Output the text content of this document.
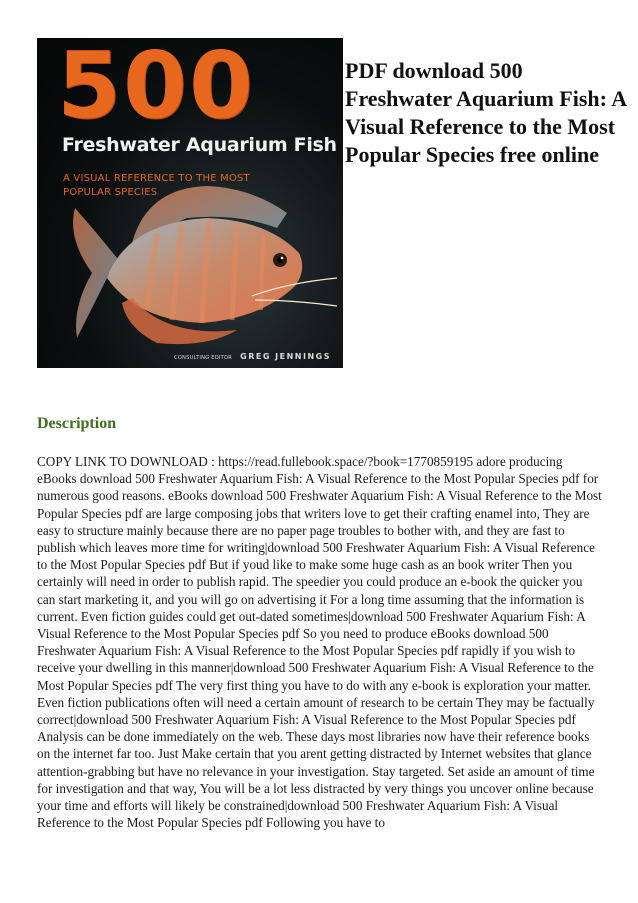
500
Freshwater Aquarium Fish
A VISUAL REFERENCE TO THE MOST POPULAR SPECIES
CONSULTING EDITOR GREG JENNINGS
PDF download 500 Freshwater Aquarium Fish: A Visual Reference to the Most Popular Species free online
Description

COPY LINK TO DOWNLOAD : https://read.fullebook.space/?book=1770859195 adore producing eBooks download 500 Freshwater Aquarium Fish: A Visual Reference to the Most Popular Species pdf for numerous good reasons. eBooks download 500 Freshwater Aquarium Fish: A Visual Reference to the Most Popular Species pdf are large composing jobs that writers love to get their crafting enamel into, They are easy to structure mainly because there are no paper page troubles to bother with, and they are fast to publish which leaves more time for writing|download 500 Freshwater Aquarium Fish: A Visual Reference to the Most Popular Species pdf But if youd like to make some huge cash as an book writer Then you certainly will need in order to publish rapid. The speedier you could produce an e-book the quicker you can start marketing it, and you will go on advertising it For a long time assuming that the information is current. Even fiction guides could get out-dated sometimes|download 500 Freshwater Aquarium Fish: A Visual Reference to the Most Popular Species pdf So you need to produce eBooks download 500 Freshwater Aquarium Fish: A Visual Reference to the Most Popular Species pdf rapidly if you wish to receive your dwelling in this manner|download 500 Freshwater Aquarium Fish: A Visual Reference to the Most Popular Species pdf The very first thing you have to do with any e-book is exploration your matter. Even fiction publications often will need a certain amount of research to be certain They may be factually correct|download 500 Freshwater Aquarium Fish: A Visual Reference to the Most Popular Species pdf Analysis can be done immediately on the web. These days most libraries now have their reference books on the internet far too. Just Make certain that you arent getting distracted by Internet websites that glance attention-grabbing but have no relevance in your investigation. Stay targeted. Set aside an amount of time for investigation and that way, You will be a lot less distracted by very things you uncover online because your time and efforts will likely be constrained|download 500 Freshwater Aquarium Fish: A Visual Reference to the Most Popular Species pdf Following you have to
